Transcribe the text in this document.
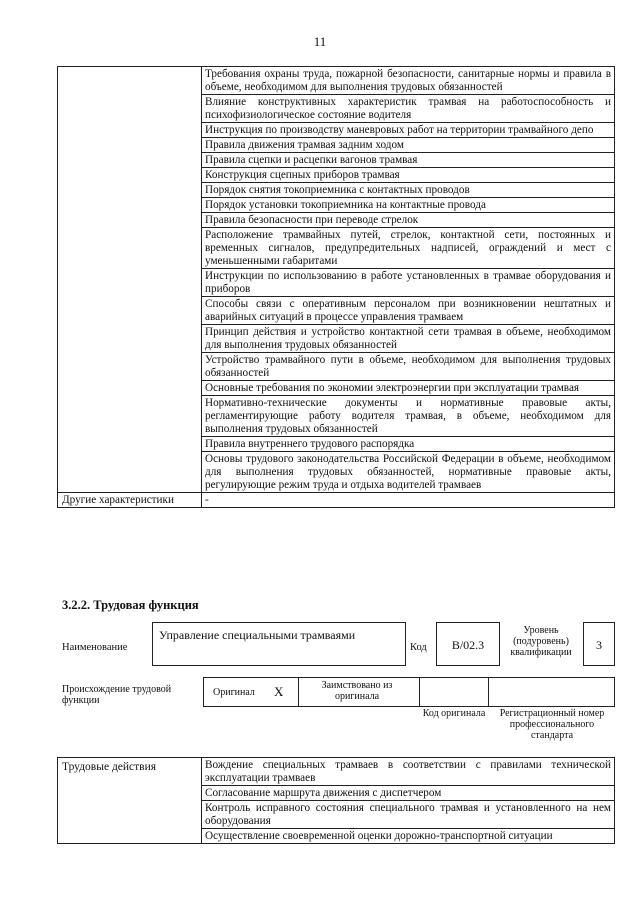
11
	Требования охраны труда, пожарной безопасности, санитарные нормы и правила в объеме, необходимом для выполнения трудовых обязанностей
	Влияние конструктивных характеристик трамвая на работоспособность и психофизиологическое состояние водителя
	Инструкция по производству маневровых работ на территории трамвайного депо
	Правила движения трамвая задним ходом
	Правила сцепки и расцепки вагонов трамвая
	Конструкция сцепных приборов трамвая
	Порядок снятия токоприемника с контактных проводов
	Порядок установки токоприемника на контактные провода
	Правила безопасности при переводе стрелок
	Расположение трамвайных путей, стрелок, контактной сети, постоянных и временных сигналов, предупредительных надписей, ограждений и мест с уменьшенными габаритами
	Инструкции по использованию в работе установленных в трамвае оборудования и приборов
	Способы связи с оперативным персоналом при возникновении нештатных и аварийных ситуаций в процессе управления трамваем
	Принцип действия и устройство контактной сети трамвая в объеме, необходимом для выполнения трудовых обязанностей
	Устройство трамвайного пути в объеме, необходимом для выполнения трудовых обязанностей
	Основные требования по экономии электроэнергии при эксплуатации трамвая
	Нормативно-технические документы и нормативные правовые акты, регламентирующие работу водителя трамвая, в объеме, необходимом для выполнения трудовых обязанностей
	Правила внутреннего трудового распорядка
	Основы трудового законодательства Российской Федерации в объеме, необходимом для выполнения трудовых обязанностей, нормативные правовые акты, регулирующие режим труда и отдыха водителей трамваев
Другие характеристики	-
3.2.2. Трудовая функция
Наименование
Управление специальными трамваями
Код	B/02.3
Уровень (подуровень) квалификации
3
Происхождение трудовой функции
Оригинал X	Заимствовано из оригинала
Код оригинала	Регистрационный номер профессионального стандарта
Трудовые действия	Вождение специальных трамваев в соответствии с правилами технической эксплуатации трамваев
Согласование маршрута движения с диспетчером
Контроль исправного состояния специального трамвая и установленного на нем оборудования
Осуществление своевременной оценки дорожно-транспортной ситуации
